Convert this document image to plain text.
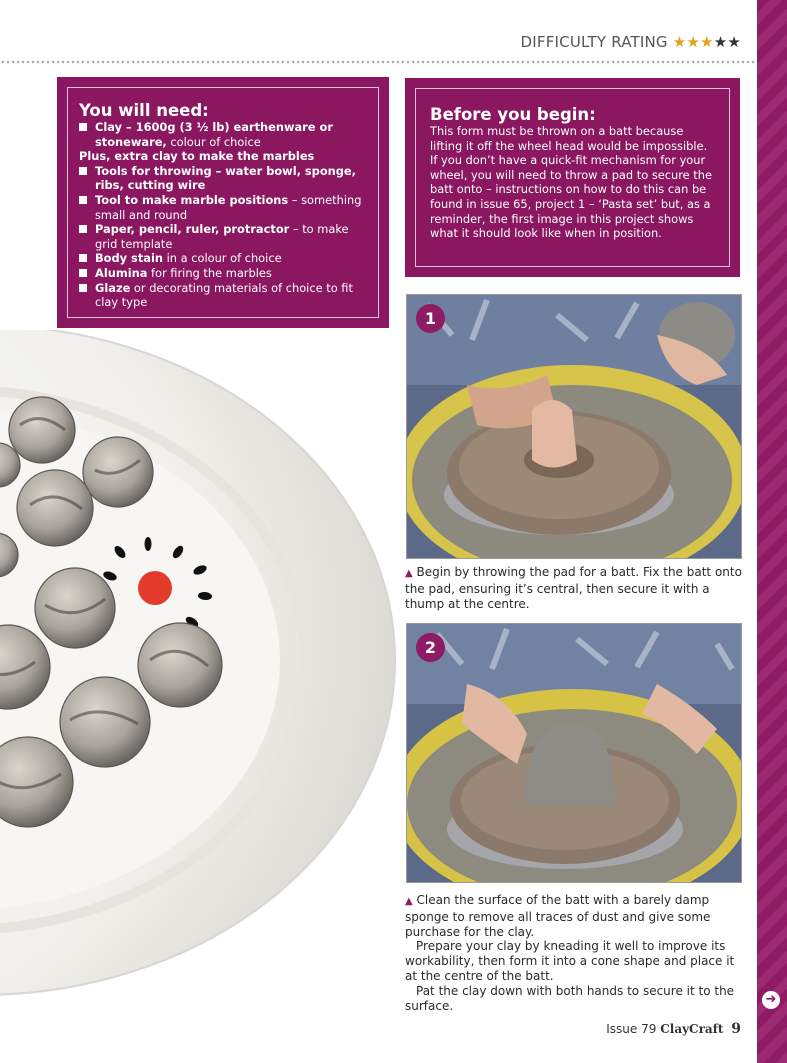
➜
DIFFICULTY RATING ★★★★★
You will need:
Clay – 1600g (3 ½ lb) earthenware or stoneware, colour of choice
Plus, extra clay to make the marbles
Tools for throwing – water bowl, sponge, ribs, cutting wire
Tool to make marble positions – something small and round
Paper, pencil, ruler, protractor – to make grid template
Body stain in a colour of choice
Alumina for firing the marbles
Glaze or decorating materials of choice to fit clay type
Before you begin:

This form must be thrown on a batt because lifting it off the wheel head would be impossible. If you don’t have a quick-fit mechanism for your wheel, you will need to throw a pad to secure the batt onto – instructions on how to do this can be found in issue 65, project 1 – ‘Pasta set’ but, as a reminder, the first image in this project shows what it should look like when in position.

1

▲ Begin by throwing the pad for a batt. Fix the batt onto the pad, ensuring it’s central, then secure it with a thump at the centre.

2
▲ Clean the surface of the batt with a barely damp sponge to remove all traces of dust and give some purchase for the clay.
Prepare your clay by kneading it well to improve its workability, then form it into a cone shape and place it at the centre of the batt.
Pat the clay down with both hands to secure it to the surface.
Issue 79 ClayCraft 9
